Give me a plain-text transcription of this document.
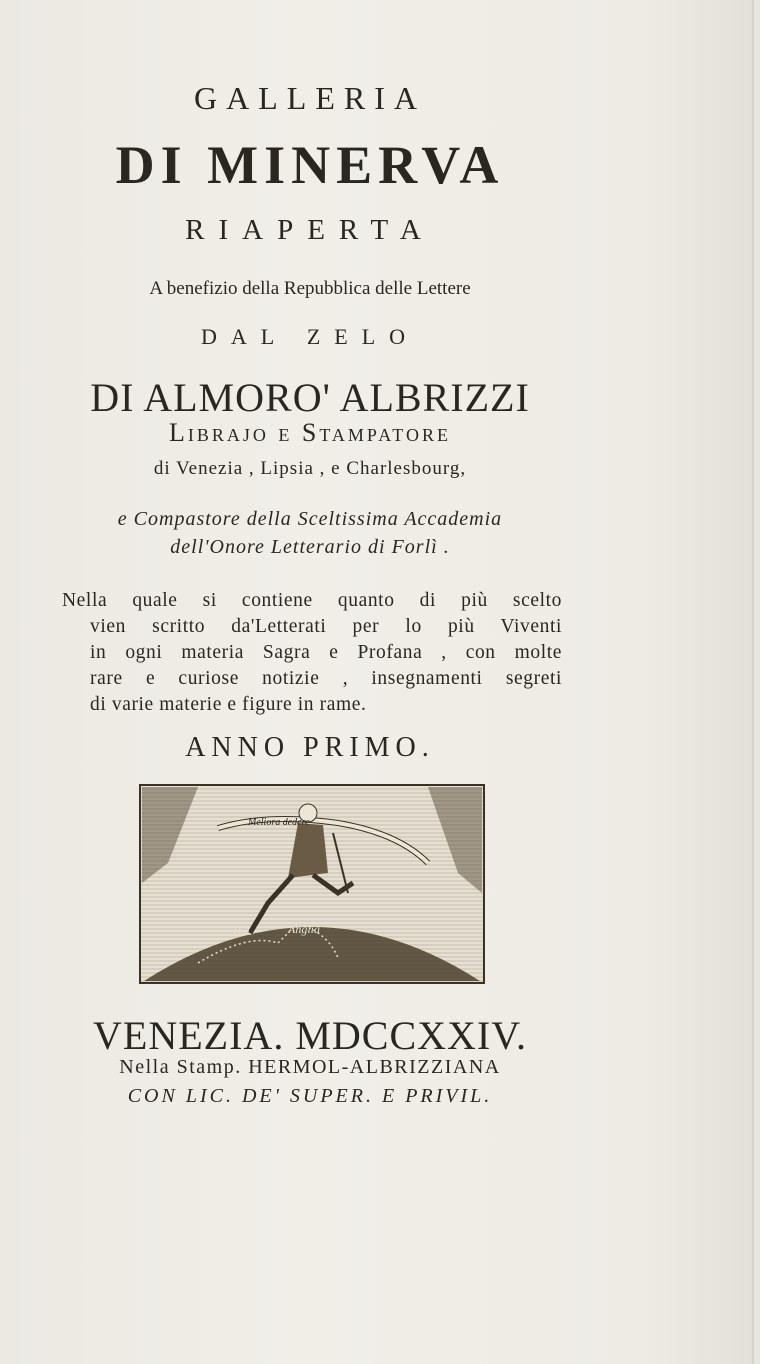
GALLERIA
DI MINERVA
RIAPERTA
A benefizio della Repubblica delle Lettere
DAL ZELO
DI ALMORO' ALBRIZZI
Librajo e Stampatore
di Venezia , Lipsia , e Charlesbourg,
e Compastore della Sceltissima Accademia
dell'Onore Letterario di Forlì .
Nella quale si contiene quanto di più scelto
vien scritto da'Letterati per lo più Viventi
in ogni materia Sagra e Profana , con molte
rare e curiose notizie , insegnamenti segreti
di varie materie e figure in rame.
ANNO PRIMO.
Meliora dedere
Hol.	Anglia
VENEZIA. MDCCXXIV.
Nella Stamp. HERMOL-ALBRIZZIANA
CON LIC. DE' SUPER. E PRIVIL.
